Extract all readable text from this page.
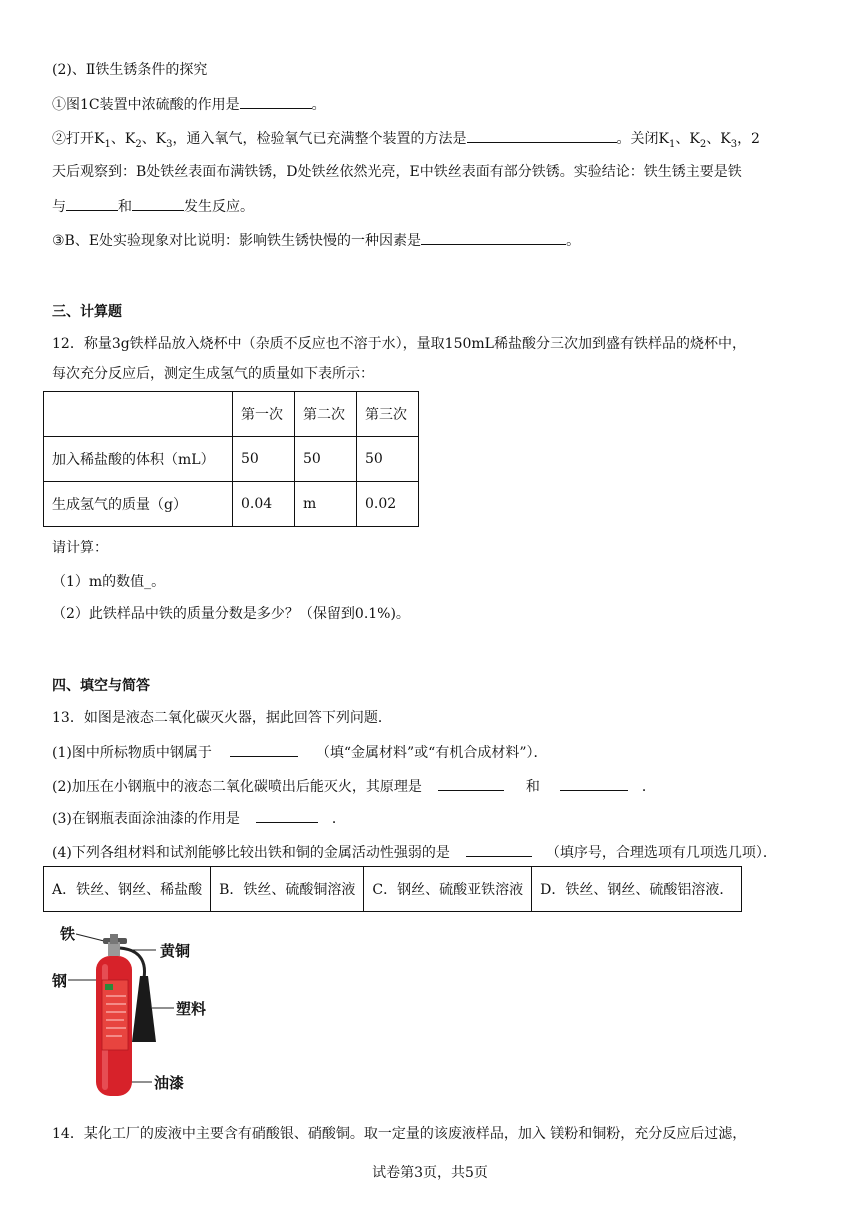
(2)、Ⅱ铁生锈条件的探究
①图1C装置中浓硫酸的作用是	。
②打开$K_1$、$K_2$、$K_3$，通入氧气，检验氧气已充满整个装置的方法是	。关闭$K_1$、$K_2$、$K_3$，2
天后观察到：B处铁丝表面布满铁锈，D处铁丝依然光亮，E中铁丝表面有部分铁锈。实验结论：铁生锈主要是铁
与	和	发生反应。
③B、E处实验现象对比说明：影响铁生锈快慢的一种因素是	。
三、计算题
12．称量3g铁样品放入烧杯中（杂质不反应也不溶于水），量取150mL稀盐酸分三次加到盛有铁样品的烧杯中，
每次充分反应后，测定生成氢气的质量如下表所示：
	第一次	第二次	第三次
加入稀盐酸的体积（mL）	50	50	50
生成氢气的质量（g）	0.04	m	0.02
请计算：
（1）m的数值_。
（2）此铁样品中铁的质量分数是多少？（保留到0.1%)。
四、填空与简答
13．如图是液态二氧化碳灭火器，据此回答下列问题．
(1)图中所标物质中钢属于	（填“金属材料”或“有机合成材料”）．
(2)加压在小钢瓶中的液态二氧化碳喷出后能灭火，其原理是	和	．
(3)在钢瓶表面涂油漆的作用是	．
(4)下列各组材料和试剂能够比较出铁和铜的金属活动性强弱的是	（填序号，合理选项有几项选几项）．
A．铁丝、钢丝、稀盐酸	B．铁丝、硫酸铜溶液	C．钢丝、硫酸亚铁溶液	D．铁丝、钢丝、硫酸铝溶液．
铁
黄铜
钢
塑料
油漆
14．某化工厂的废液中主要含有硝酸银、硝酸铜。取一定量的该废液样品，加入 镁粉和铜粉，充分反应后过滤，
试卷第3页，共5页
